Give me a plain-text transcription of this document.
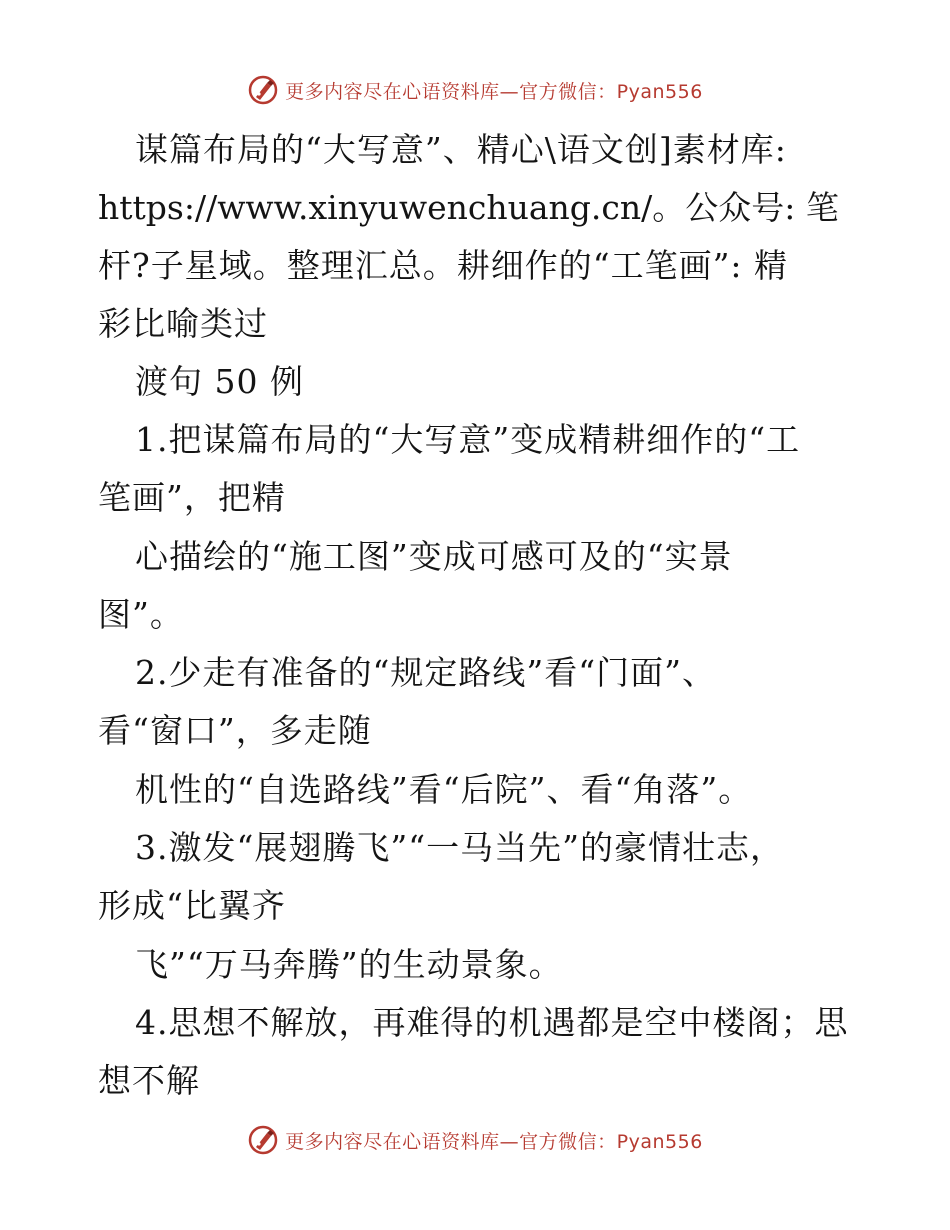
更多内容尽在心语资料库—官方微信：Pyan556
谋篇布局的“大写意”、精心\语文创]素材库:
https://www.xinyuwenchuang.cn/。公众号: 笔
杆?子星域。整理汇总。耕细作的“工笔画”: 精
彩比喻类过
渡句 50 例
1.把谋篇布局的“大写意”变成精耕细作的“工
笔画”，把精
心描绘的“施工图”变成可感可及的“实景
图”。
2.少走有准备的“规定路线”看“门面”、
看“窗口”，多走随
机性的“自选路线”看“后院”、看“角落”。
3.激发“展翅腾飞”“一马当先”的豪情壮志，
形成“比翼齐
飞”“万马奔腾”的生动景象。
4.思想不解放，再难得的机遇都是空中楼阁；思
想不解
更多内容尽在心语资料库—官方微信：Pyan556
